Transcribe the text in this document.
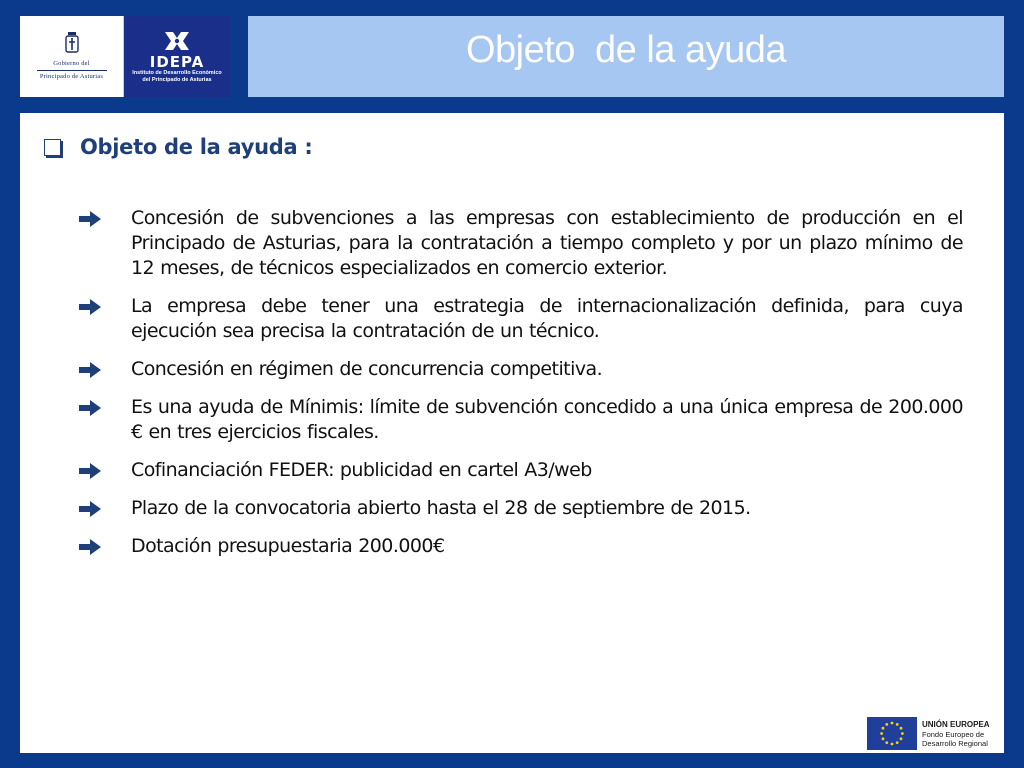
Gobierno del
Principado de Asturias
IDEPA
Instituto de Desarrollo Económico
del Principado de Asturias
Objeto  de la ayuda
Objeto de la ayuda :
Concesión de subvenciones a las empresas con establecimiento de producción en el Principado de Asturias, para la contratación a tiempo completo y por un plazo mínimo de 12 meses, de técnicos especializados en comercio exterior.
La empresa debe tener una estrategia de internacionalización definida, para cuya ejecución sea precisa la contratación de un técnico.
Concesión en régimen de concurrencia competitiva.
Es una ayuda de Mínimis: límite de subvención concedido a una única empresa de 200.000 € en tres ejercicios fiscales.
Cofinanciación FEDER: publicidad en cartel A3/web
Plazo de la convocatoria abierto hasta el 28 de septiembre de 2015.
Dotación presupuestaria 200.000€
UNIÓN EUROPEA
Fondo Europeo de
Desarrollo Regional
